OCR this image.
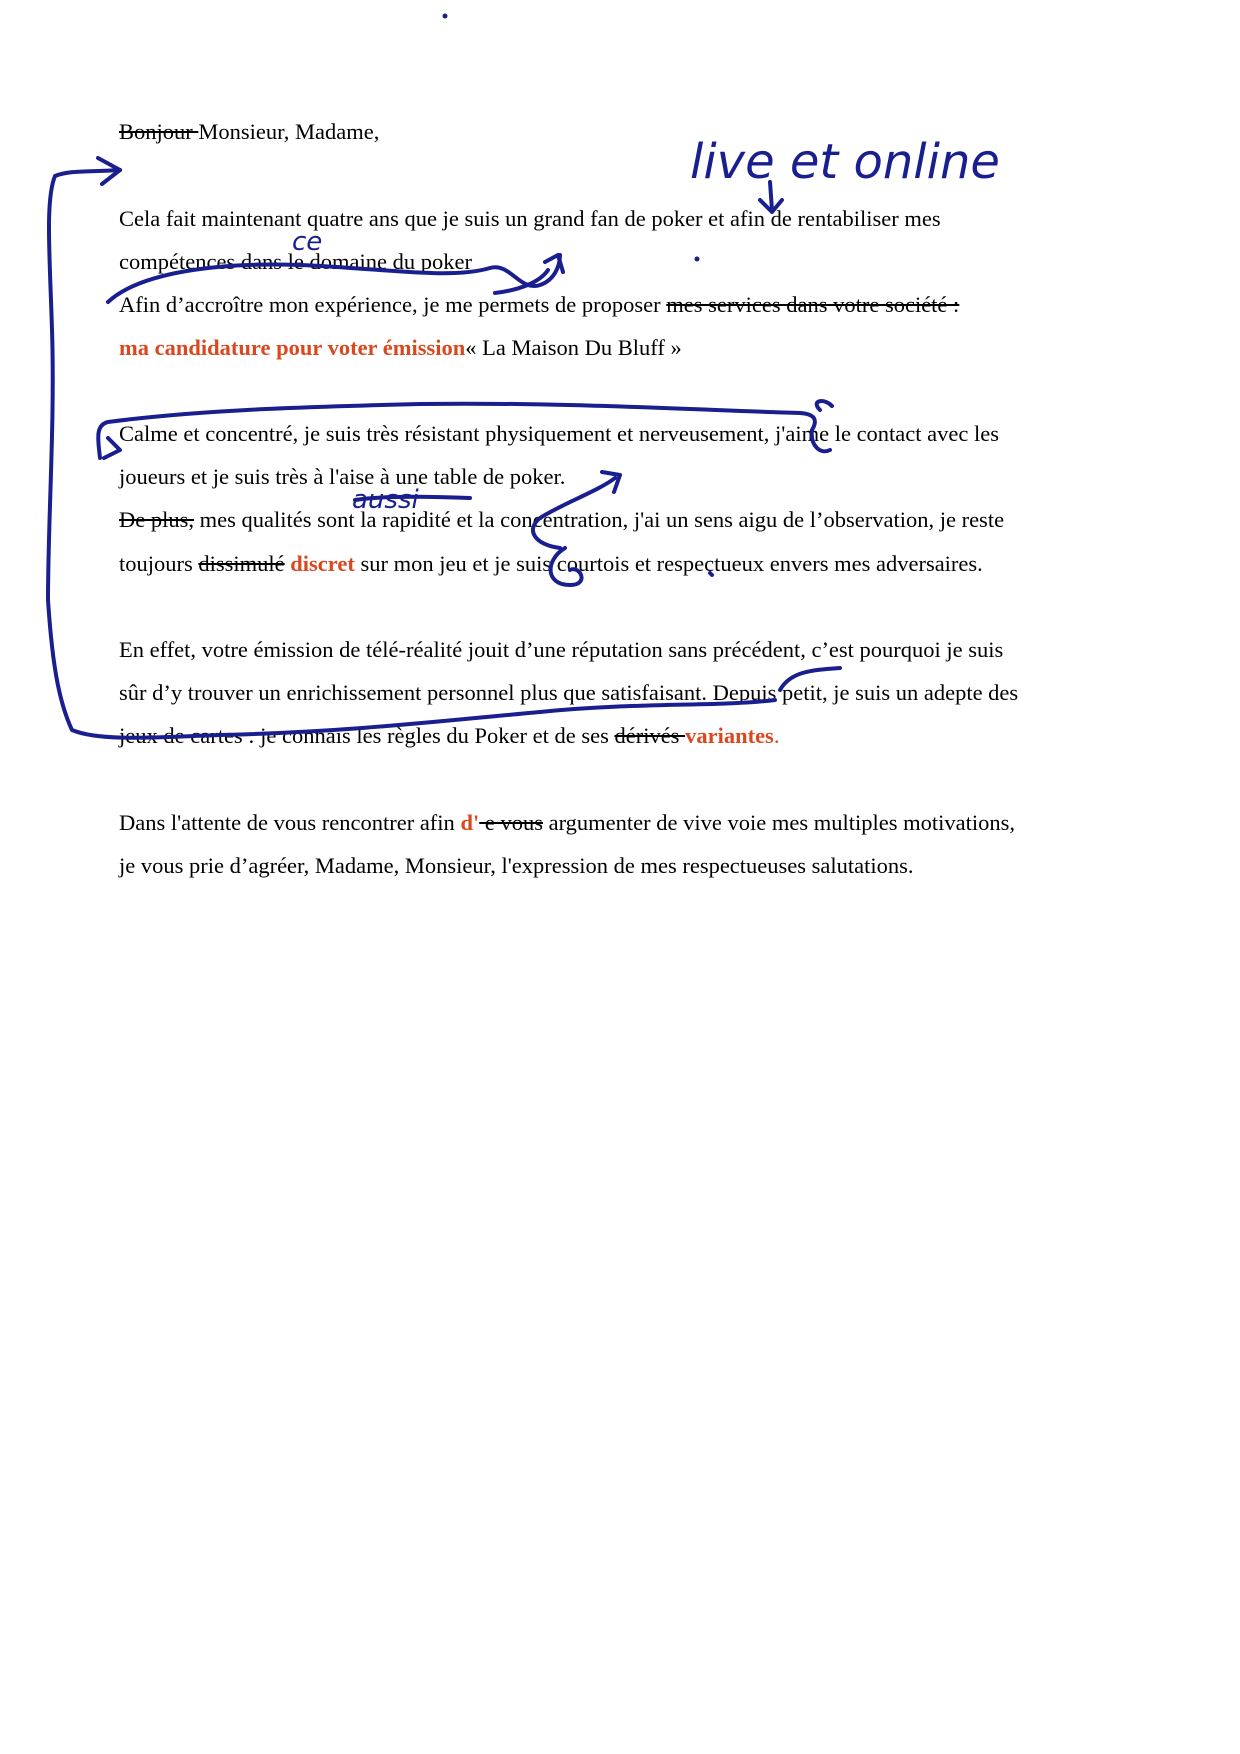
Bonjour Monsieur, Madame,
Cela fait maintenant quatre ans que je suis un grand fan de poker et afin de rentabiliser mes
compétences dans le domaine du poker
Afin d’accroître mon expérience, je me permets de proposer mes services dans votre société :
ma candidature pour voter émission« La Maison Du Bluff »
Calme et concentré, je suis très résistant physiquement et nerveusement, j'aime le contact avec les
joueurs et je suis très à l'aise à une table de poker.
De plus, mes qualités sont la rapidité et la concentration, j'ai un sens aigu de l’observation, je reste
toujours dissimulé discret sur mon jeu et je suis courtois et respectueux envers mes adversaires.
En effet, votre émission de télé-réalité jouit d’une réputation sans précédent, c’est pourquoi je suis
sûr d’y trouver un enrichissement personnel plus que satisfaisant. Depuis petit, je suis un adepte des
jeux de cartes : je connais les règles du Poker et de ses dérivés variantes.
Dans l'attente de vous rencontrer afin d' e vous argumenter de vive voie mes multiples motivations,
je vous prie d’agréer, Madame, Monsieur, l'expression de mes respectueuses salutations.
live et online
ce
aussi
